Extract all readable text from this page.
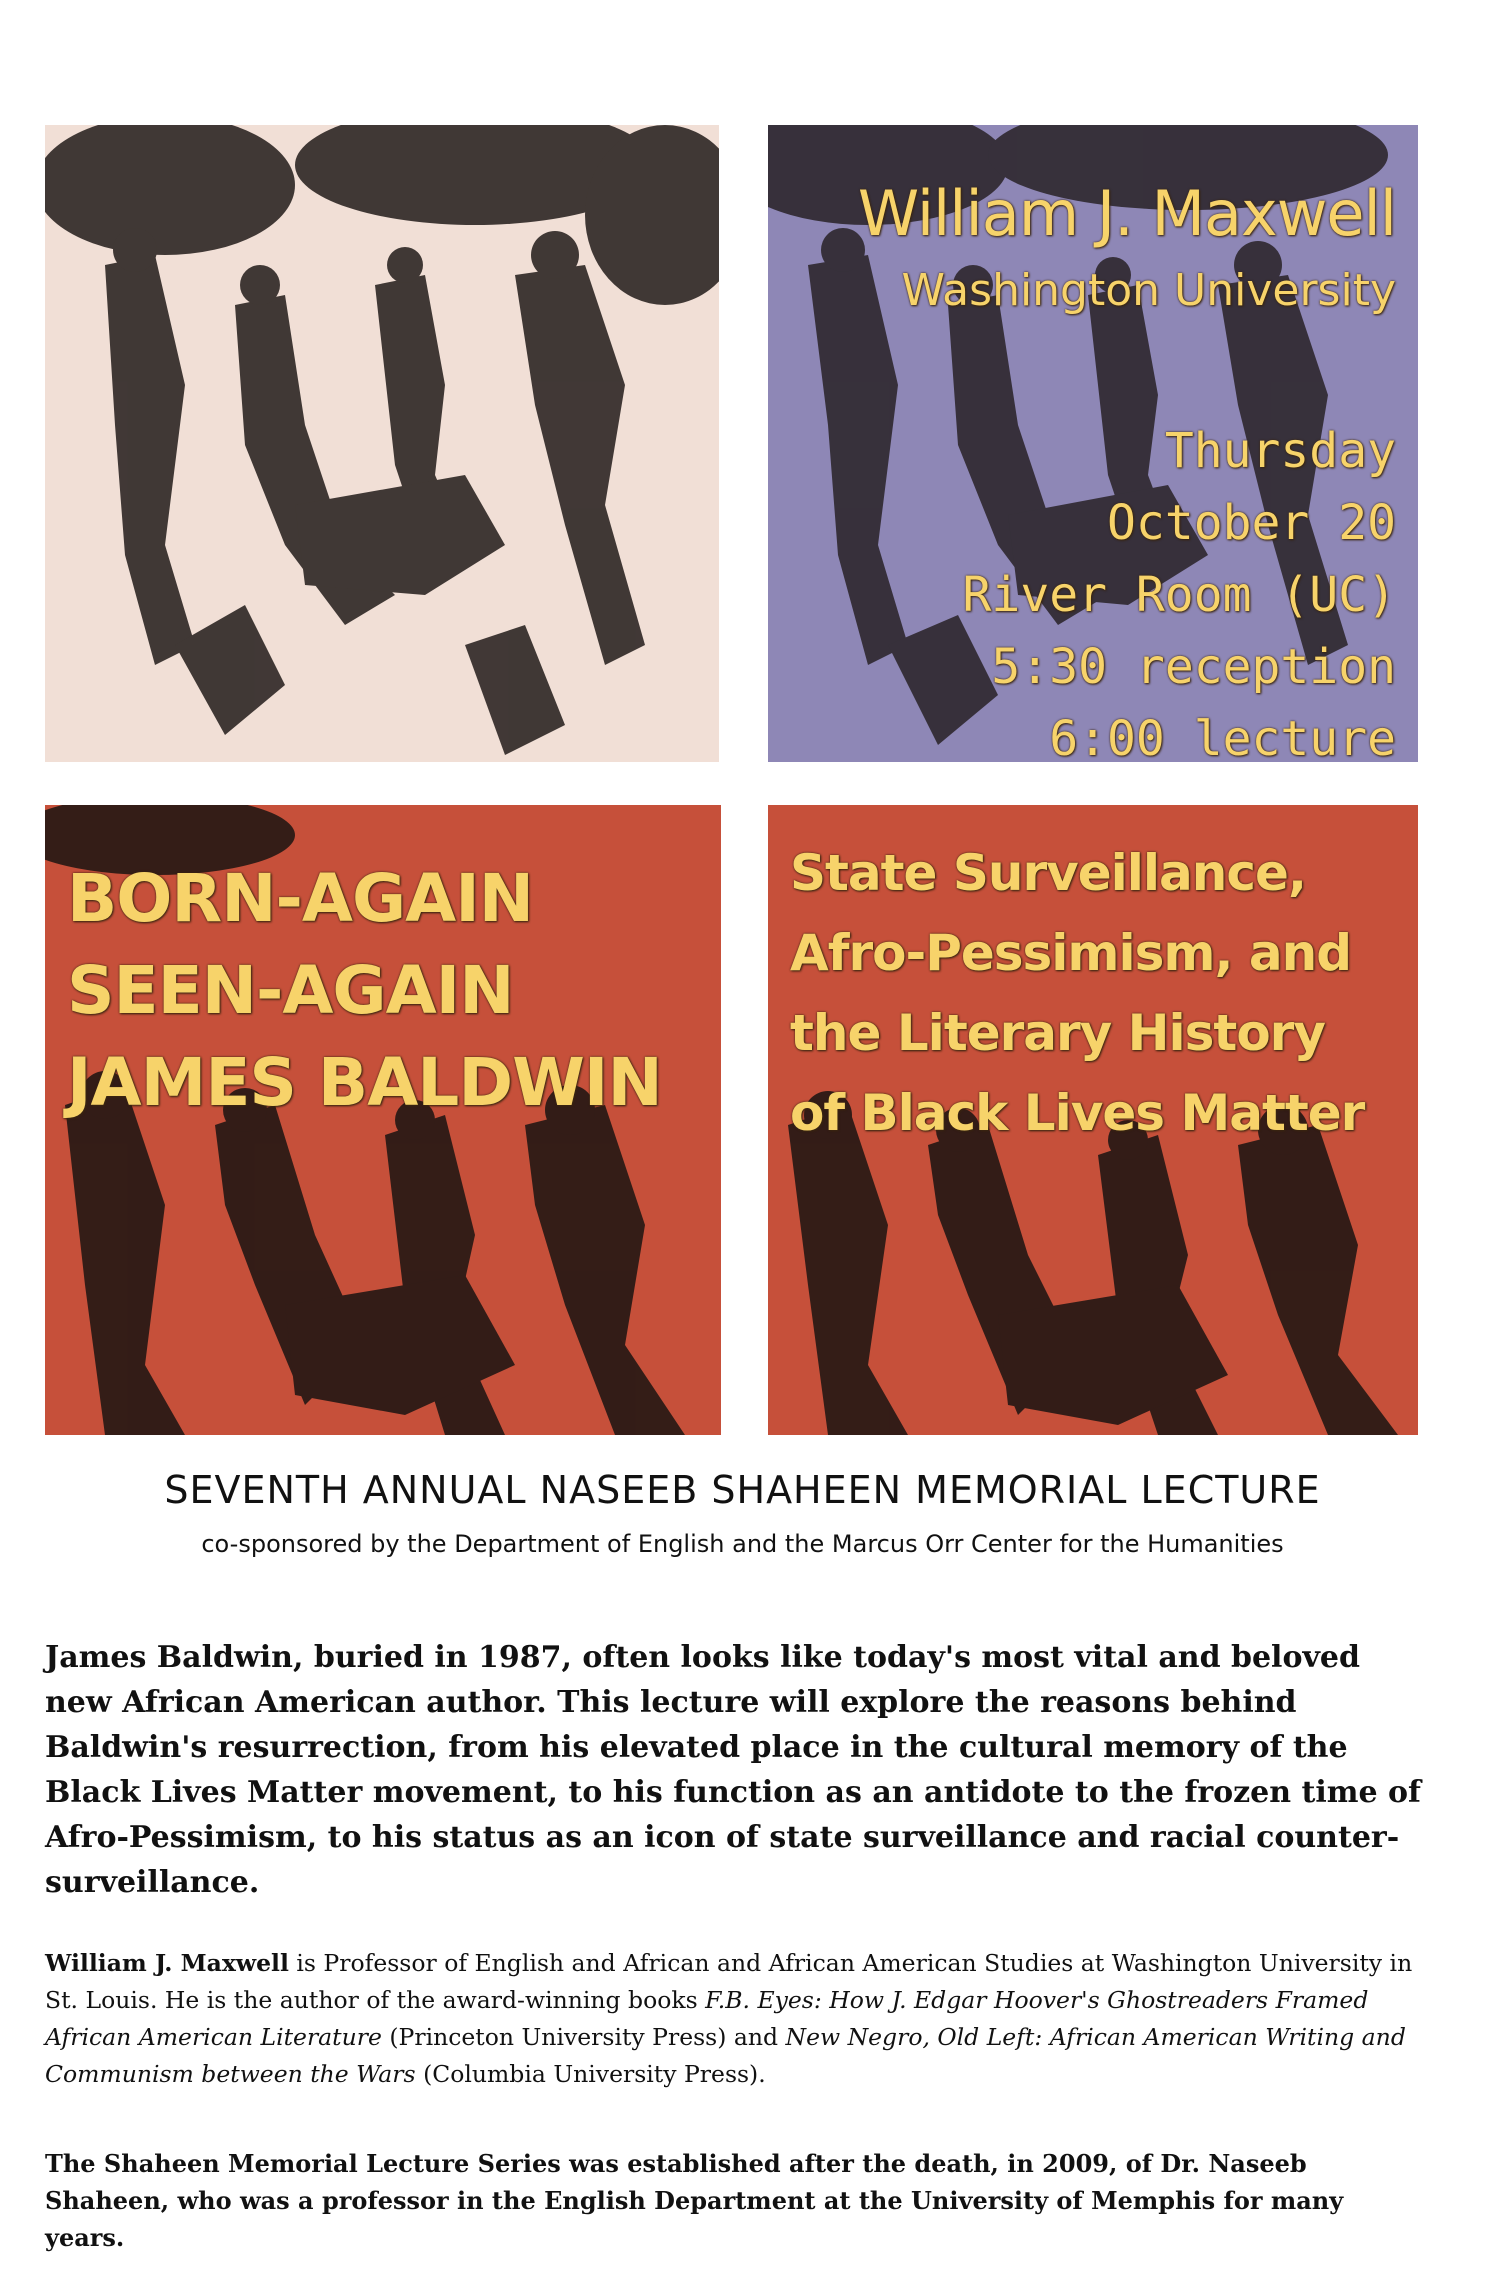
William J. Maxwell
Washington University
Thursday
October 20
River Room (UC)
5:30 reception
6:00 lecture
BORN-AGAIN
SEEN-AGAIN
JAMES BALDWIN
State Surveillance,
Afro-Pessimism, and
the Literary History
of Black Lives Matter
SEVENTH ANNUAL NASEEB SHAHEEN MEMORIAL LECTURE
co-sponsored by the Department of English and the Marcus Orr Center for the Humanities
James Baldwin, buried in 1987, often looks like today's most vital and beloved new African American author. This lecture will explore the reasons behind Baldwin's resurrection, from his elevated place in the cultural memory of the Black Lives Matter movement, to his function as an antidote to the frozen time of Afro-Pessimism, to his status as an icon of state surveillance and racial counter-surveillance.
William J. Maxwell is Professor of English and African and African American Studies at Washington University in St. Louis. He is the author of the award-winning books F.B. Eyes: How J. Edgar Hoover's Ghostreaders Framed African American Literature (Princeton University Press) and New Negro, Old Left: African American Writing and Communism between the Wars (Columbia University Press).
The Shaheen Memorial Lecture Series was established after the death, in 2009, of Dr. Naseeb Shaheen, who was a professor in the English Department at the University of Memphis for many years.
